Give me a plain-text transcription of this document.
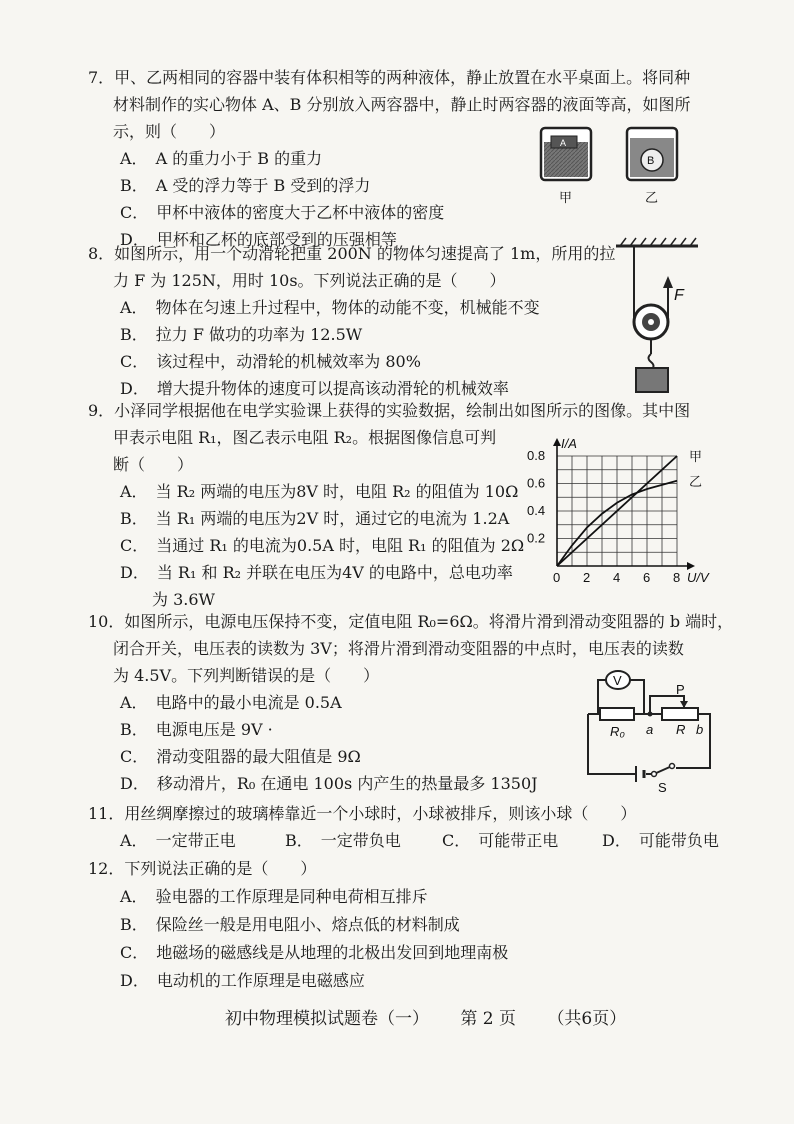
7．甲、乙两相同的容器中装有体积相等的两种液体，静止放置在水平桌面上。将同种
材料制作的实心物体 A、B 分别放入两容器中，静止时两容器的液面等高，如图所
示，则（　　）
A． A 的重力小于 B 的重力
B． A 受的浮力等于 B 受到的浮力
C． 甲杯中液体的密度大于乙杯中液体的密度
D． 甲杯和乙杯的底部受到的压强相等
A
B
甲	乙
8．如图所示，用一个动滑轮把重 200N 的物体匀速提高了 1m，所用的拉
力 F 为 125N，用时 10s。下列说法正确的是（　　）
A． 物体在匀速上升过程中，物体的动能不变，机械能不变
B． 拉力 F 做功的功率为 12.5W
C． 该过程中，动滑轮的机械效率为 80%
D． 增大提升物体的速度可以提高该动滑轮的机械效率
F
9．小泽同学根据他在电学实验课上获得的实验数据，绘制出如图所示的图像。其中图
甲表示电阻 R₁，图乙表示电阻 R₂。根据图像信息可判
断（　　）
A． 当 R₂ 两端的电压为8V 时，电阻 R₂ 的阻值为 10Ω
B． 当 R₁ 两端的电压为2V 时，通过它的电流为 1.2A
C． 当通过 R₁ 的电流为0.5A 时，电阻 R₁ 的阻值为 2Ω
D． 当 R₁ 和 R₂ 并联在电压为4V 的电路中，总电功率
为 3.6W
甲
乙
0 2 4 6 8
0.2
0.4
0.6
0.8
U/V
I/A
10．如图所示，电源电压保持不变，定值电阻 R₀=6Ω。将滑片滑到滑动变阻器的 b 端时，
闭合开关，电压表的读数为 3V；将滑片滑到滑动变阻器的中点时，电压表的读数
为 4.5V。下列判断错误的是（　　）
A． 电路中的最小电流是 0.5A
B． 电源电压是 9V ·
C． 滑动变阻器的最大阻值是 9Ω
D． 移动滑片，R₀ 在通电 100s 内产生的热量最多 1350J
V
P
R₀ a R b
S
11．用丝绸摩擦过的玻璃棒靠近一个小球时，小球被排斥，则该小球（　　）
A． 一定带正电	B． 一定带负电	C． 可能带正电	D． 可能带负电
12．下列说法正确的是（　　）
A． 验电器的工作原理是同种电荷相互排斥
B． 保险丝一般是用电阻小、熔点低的材料制成
C． 地磁场的磁感线是从地理的北极出发回到地理南极
D． 电动机的工作原理是电磁感应
初中物理模拟试题卷（一） 第 2 页 （共6页）
